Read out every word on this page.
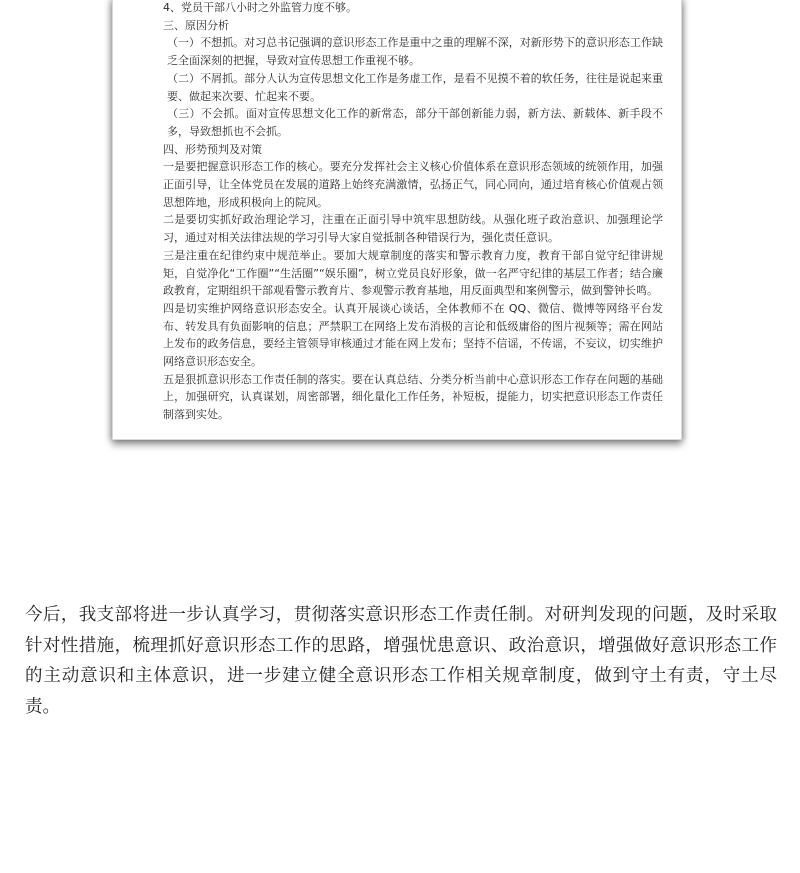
4、党员干部八小时之外监管力度不够。

三、原因分析

（一）不想抓。对习总书记强调的意识形态工作是重中之重的理解不深，对新形势下的意识形态工作缺乏全面深刻的把握，导致对宣传思想工作重视不够。

（二）不屑抓。部分人认为宣传思想文化工作是务虚工作，是看不见摸不着的软任务，往往是说起来重要、做起来次要、忙起来不要。

（三）不会抓。面对宣传思想文化工作的新常态，部分干部创新能力弱，新方法、新载体、新手段不多，导致想抓也不会抓。

四、形势预判及对策

一是要把握意识形态工作的核心。要充分发挥社会主义核心价值体系在意识形态领域的统领作用，加强正面引导，让全体党员在发展的道路上始终充满激情，弘扬正气，同心同向，通过培育核心价值观占领思想阵地，形成积极向上的院风。

二是要切实抓好政治理论学习，注重在正面引导中筑牢思想防线。从强化班子政治意识、加强理论学习，通过对相关法律法规的学习引导大家自觉抵制各种错误行为，强化责任意识。

三是注重在纪律约束中规范举止。要加大规章制度的落实和警示教育力度，教育干部自觉守纪律讲规矩，自觉净化“工作圈”“生活圈”“娱乐圈”，树立党员良好形象，做一名严守纪律的基层工作者；结合廉政教育，定期组织干部观看警示教育片、参观警示教育基地，用反面典型和案例警示，做到警钟长鸣。

四是切实维护网络意识形态安全。认真开展谈心谈话，全体教师不在 QQ、微信、微博等网络平台发布、转发具有负面影响的信息；严禁职工在网络上发布消极的言论和低级庸俗的图片视频等；需在网站上发布的政务信息，要经主管领导审核通过才能在网上发布；坚持不信谣，不传谣，不妄议，切实维护网络意识形态安全。

五是狠抓意识形态工作责任制的落实。要在认真总结、分类分析当前中心意识形态工作存在问题的基础上，加强研究，认真谋划，周密部署，细化量化工作任务，补短板，提能力，切实把意识形态工作责任制落到实处。

今后，我支部将进一步认真学习，贯彻落实意识形态工作责任制。对研判发现的问题，及时采取针对性措施，梳理抓好意识形态工作的思路，增强忧患意识、政治意识，增强做好意识形态工作的主动意识和主体意识，进一步建立健全意识形态工作相关规章制度，做到守土有责，守土尽责。
